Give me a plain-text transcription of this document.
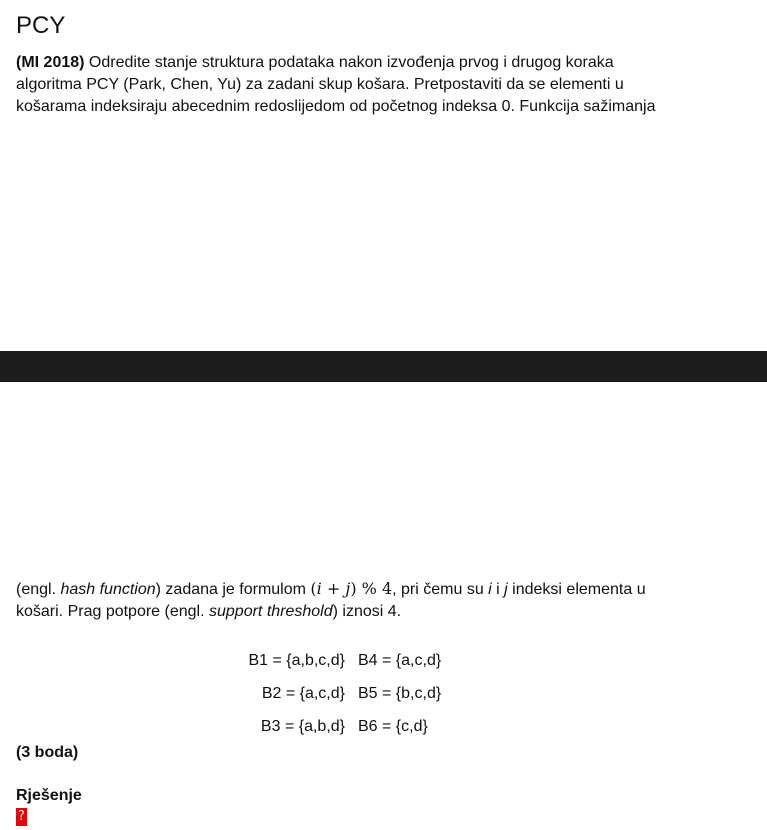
PCY

(MI 2018) Odredite stanje struktura podataka nakon izvođenja prvog i drugog koraka
algoritma PCY (Park, Chen, Yu) za zadani skup košara. Pretpostaviti da se elementi u
košarama indeksiraju abecednim redoslijedom od početnog indeksa 0. Funkcija sažimanja

(engl. hash function) zadana je formulom (i + j) % 4, pri čemu su i i j indeksi elementa u
košari. Prag potpore (engl. support threshold) iznosi 4.

B1 = {a,b,c,d} B4 = {a,c,d}
B2 = {a,c,d} B5 = {b,c,d}
B3 = {a,b,d} B6 = {c,d}
(3 boda)
Rješenje
?
